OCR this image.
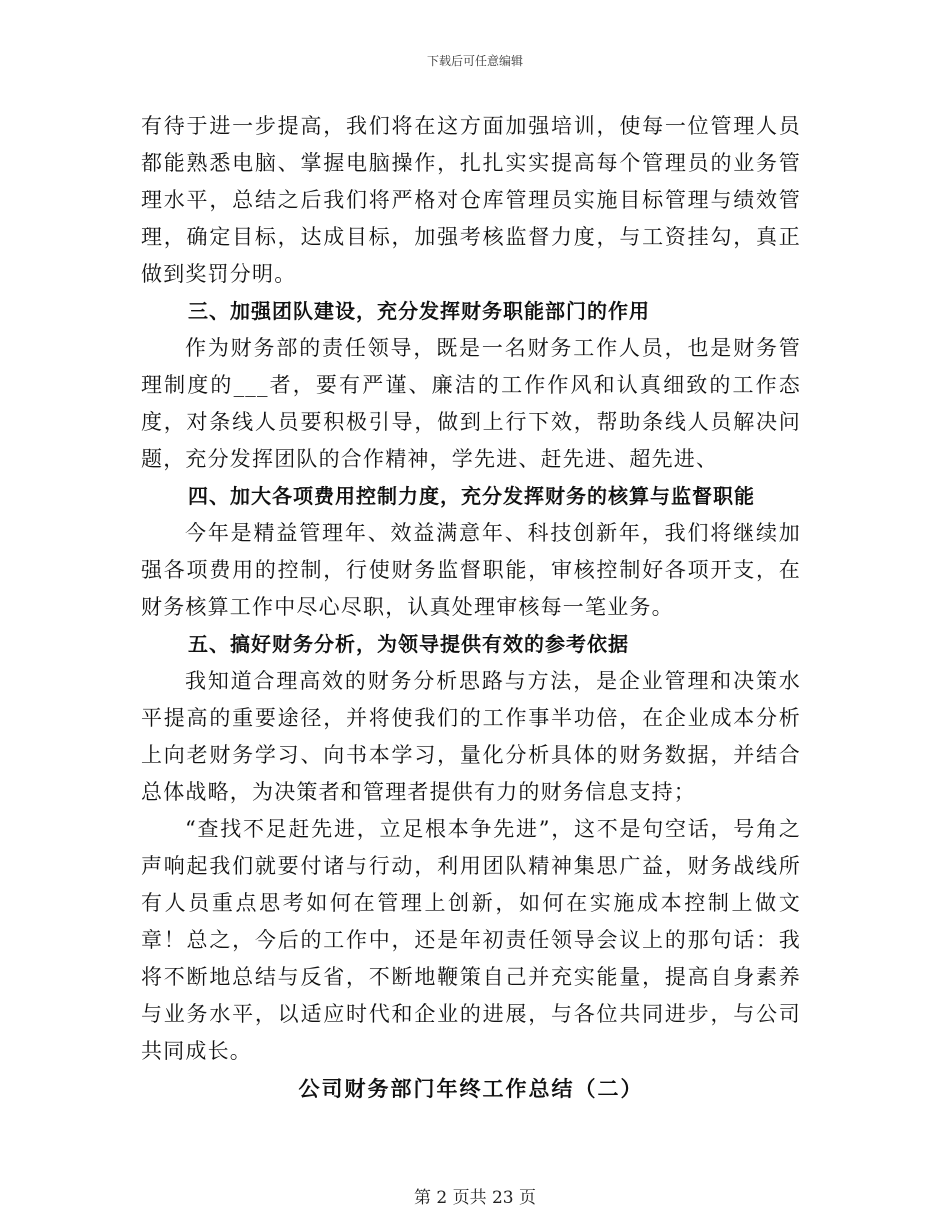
下载后可任意编辑

有待于进一步提高，我们将在这方面加强培训，使每一位管理人员都能熟悉电脑、掌握电脑操作，扎扎实实提高每个管理员的业务管理水平，总结之后我们将严格对仓库管理员实施目标管理与绩效管理，确定目标，达成目标，加强考核监督力度，与工资挂勾，真正做到奖罚分明。

三、加强团队建设，充分发挥财务职能部门的作用

作为财务部的责任领导，既是一名财务工作人员，也是财务管理制度的___者，要有严谨、廉洁的工作作风和认真细致的工作态度，对条线人员要积极引导，做到上行下效，帮助条线人员解决问题，充分发挥团队的合作精神，学先进、赶先进、超先进、

四、加大各项费用控制力度，充分发挥财务的核算与监督职能

今年是精益管理年、效益满意年、科技创新年，我们将继续加强各项费用的控制，行使财务监督职能，审核控制好各项开支，在财务核算工作中尽心尽职，认真处理审核每一笔业务。

五、搞好财务分析，为领导提供有效的参考依据

我知道合理高效的财务分析思路与方法，是企业管理和决策水平提高的重要途径，并将使我们的工作事半功倍，在企业成本分析上向老财务学习、向书本学习，量化分析具体的财务数据，并结合总体战略，为决策者和管理者提供有力的财务信息支持；

“查找不足赶先进，立足根本争先进”，这不是句空话，号角之声响起我们就要付诸与行动，利用团队精神集思广益，财务战线所有人员重点思考如何在管理上创新，如何在实施成本控制上做文章！总之，今后的工作中，还是年初责任领导会议上的那句话：我将不断地总结与反省，不断地鞭策自己并充实能量，提高自身素养与业务水平，以适应时代和企业的进展，与各位共同进步，与公司共同成长。

公司财务部门年终工作总结（二）

第 2 页共 23 页
